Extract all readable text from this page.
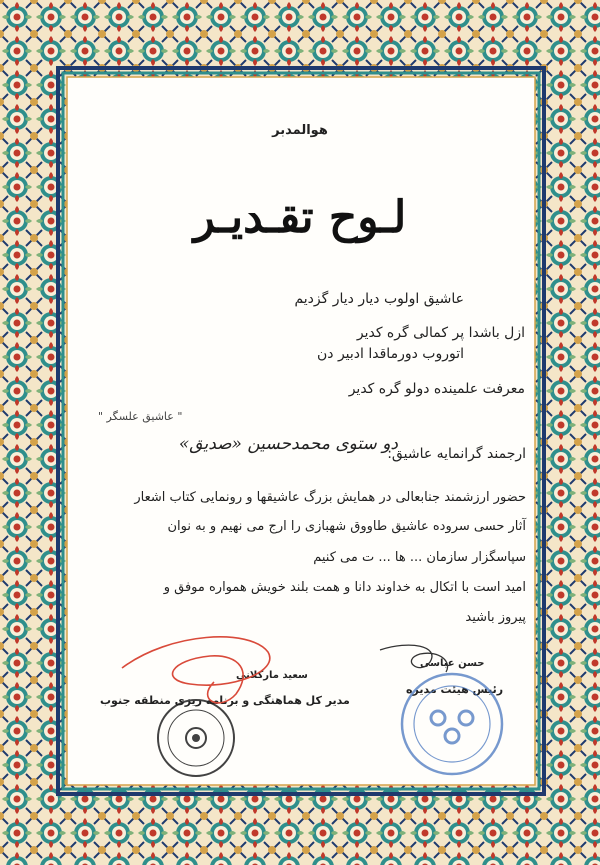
هوالمدبر
لـوح تقـديـر
عاشیق اولوب دیار دیار گزدیم
ازل باشدا پر کمالی گره کدیر
اتوروب دورماقدا ادبیر دن
معرفت علمینده دولو گره کدیر
" عاشیق علسگر "
ارجمند گرانمایه عاشیق:
دو ستوی محمدحسین «صدیق»
حضور ارزشمند جنابعالی در همایش بزرگ عاشیقها و رونمایی کتاب اشعار
آثار حسی سروده عاشیق طاووق شهبازی را ارج می نهیم و به نوان
سپاسگزار سازمان ... ها ... ت می کنیم
امید است با اتکال به خداوند دانا و همت بلند خویش همواره موفق و
پیروز باشید
سعید مارکلانی
مدیر کل هماهنگی و برنامه ریزی منطقه جنوب
حسن عباسی
رئیس هیئت مدیره
